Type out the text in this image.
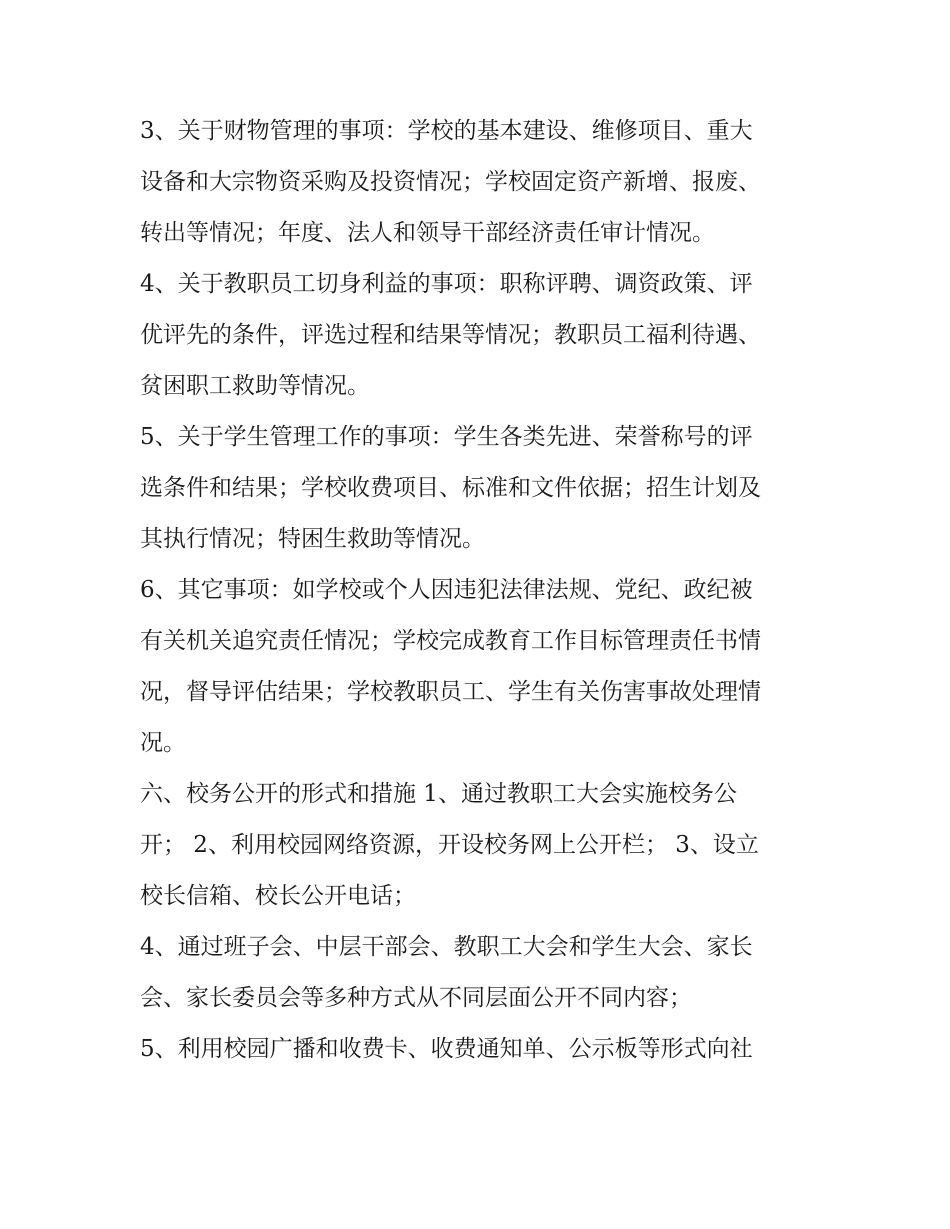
3、关于财物管理的事项：学校的基本建设、维修项目、重大
设备和大宗物资采购及投资情况；学校固定资产新增、报废、
转出等情况；年度、法人和领导干部经济责任审计情况。
4、关于教职员工切身利益的事项：职称评聘、调资政策、评
优评先的条件，评选过程和结果等情况；教职员工福利待遇、
贫困职工救助等情况。
5、关于学生管理工作的事项：学生各类先进、荣誉称号的评
选条件和结果；学校收费项目、标准和文件依据；招生计划及
其执行情况；特困生救助等情况。
6、其它事项：如学校或个人因违犯法律法规、党纪、政纪被
有关机关追究责任情况；学校完成教育工作目标管理责任书情
况，督导评估结果；学校教职员工、学生有关伤害事故处理情
况。
六、校务公开的形式和措施 1、通过教职工大会实施校务公
开； 2、利用校园网络资源，开设校务网上公开栏； 3、设立
校长信箱、校长公开电话；
4、通过班子会、中层干部会、教职工大会和学生大会、家长
会、家长委员会等多种方式从不同层面公开不同内容；
5、利用校园广播和收费卡、收费通知单、公示板等形式向社
